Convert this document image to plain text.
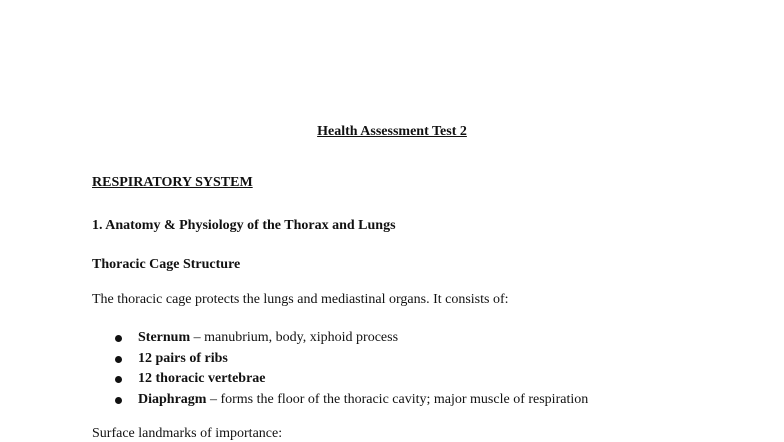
Health Assessment Test 2
RESPIRATORY SYSTEM
1. Anatomy & Physiology of the Thorax and Lungs
Thoracic Cage Structure
The thoracic cage protects the lungs and mediastinal organs. It consists of:
Sternum – manubrium, body, xiphoid process
12 pairs of ribs
12 thoracic vertebrae
Diaphragm – forms the floor of the thoracic cavity; major muscle of respiration
Surface landmarks of importance:
